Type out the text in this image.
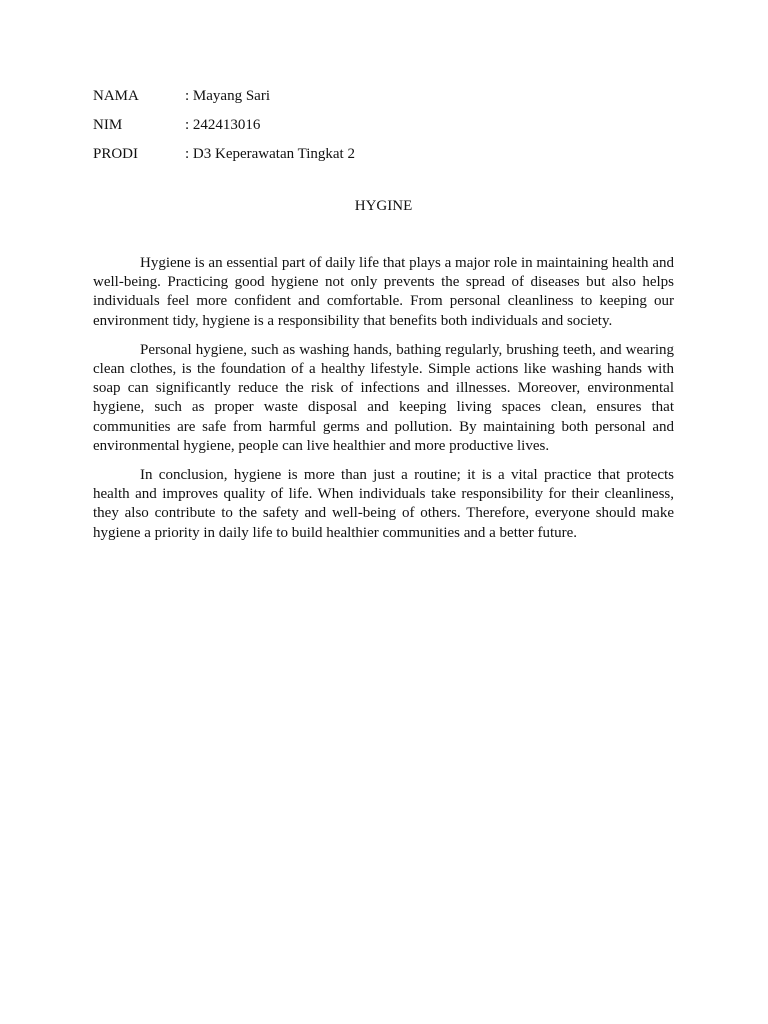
NAMA	: Mayang Sari
NIM	: 242413016
PRODI	: D3 Keperawatan Tingkat 2
HYGINE

Hygiene is an essential part of daily life that plays a major role in maintaining health and well-being. Practicing good hygiene not only prevents the spread of diseases but also helps individuals feel more confident and comfortable. From personal cleanliness to keeping our environment tidy, hygiene is a responsibility that benefits both individuals and society.

Personal hygiene, such as washing hands, bathing regularly, brushing teeth, and wearing clean clothes, is the foundation of a healthy lifestyle. Simple actions like washing hands with soap can significantly reduce the risk of infections and illnesses. Moreover, environmental hygiene, such as proper waste disposal and keeping living spaces clean, ensures that communities are safe from harmful germs and pollution. By maintaining both personal and environmental hygiene, people can live healthier and more productive lives.

In conclusion, hygiene is more than just a routine; it is a vital practice that protects health and improves quality of life. When individuals take responsibility for their cleanliness, they also contribute to the safety and well-being of others. Therefore, everyone should make hygiene a priority in daily life to build healthier communities and a better future.
